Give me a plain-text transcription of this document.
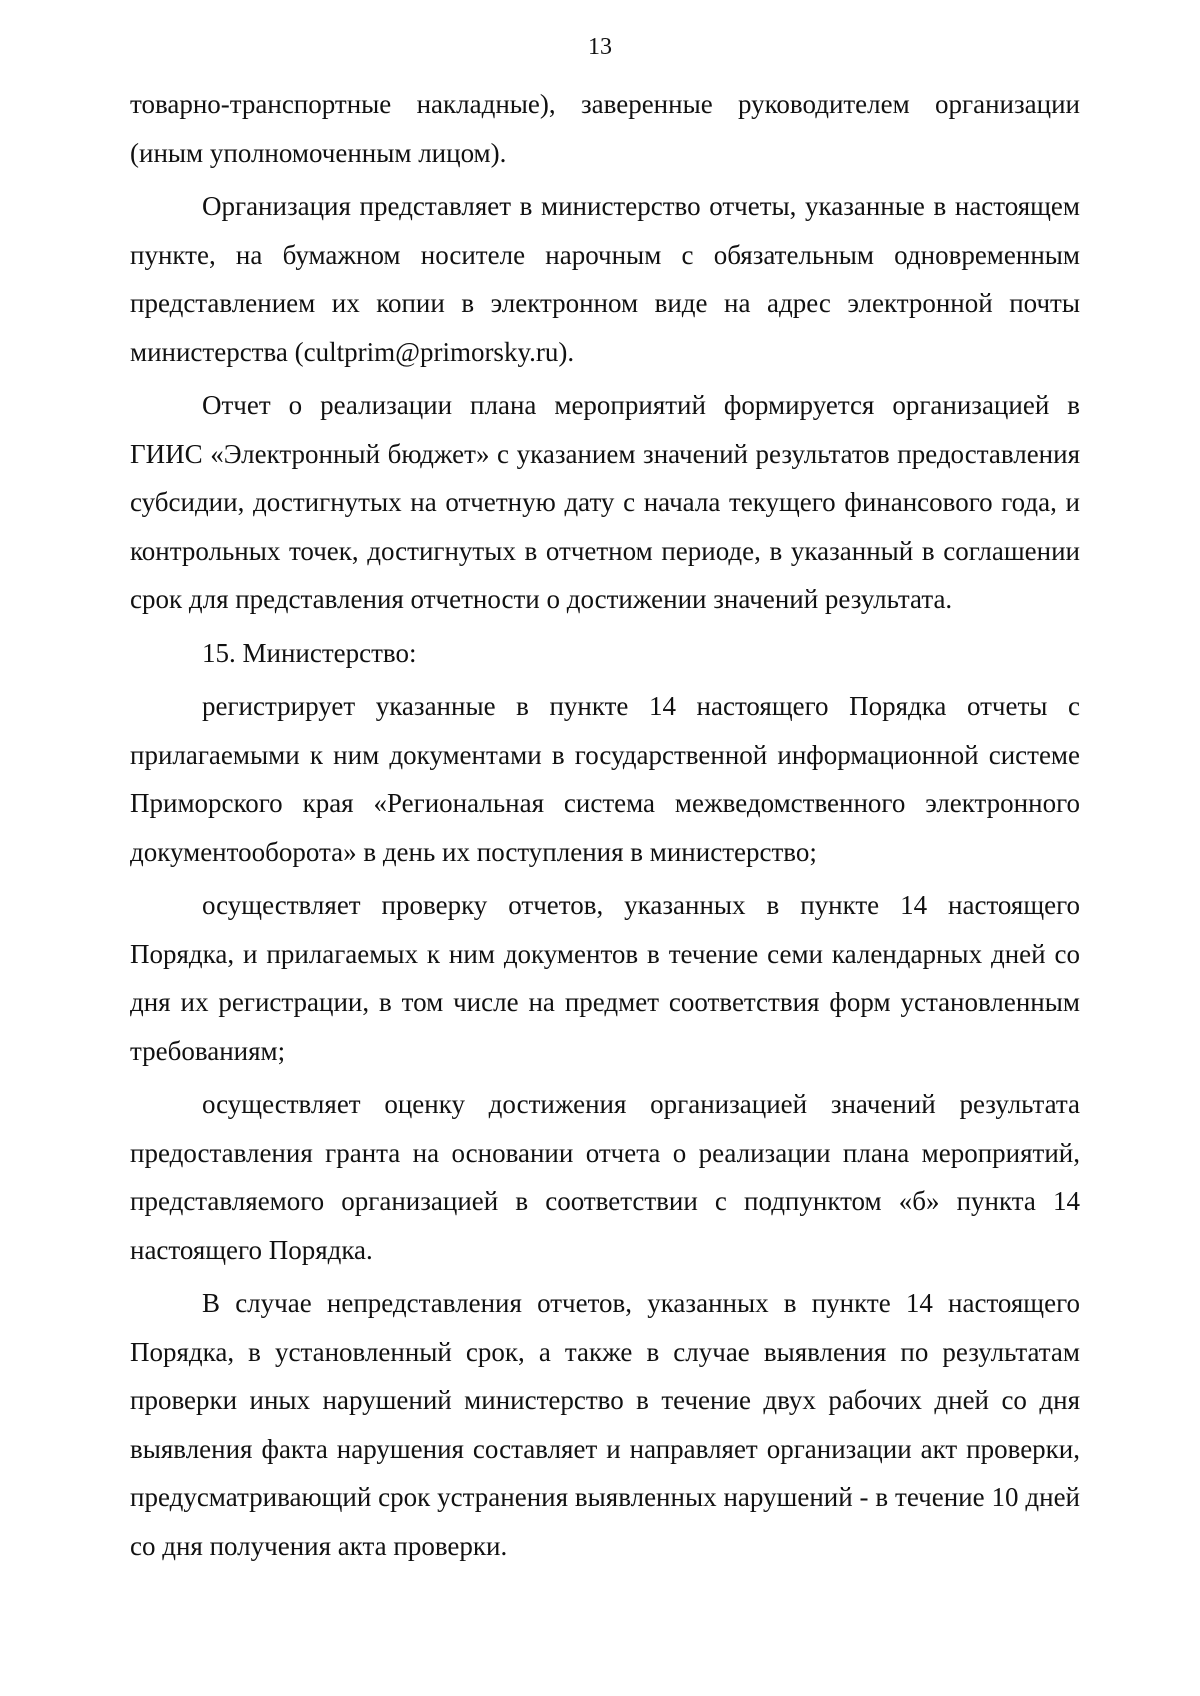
13

товарно-транспортные накладные), заверенные руководителем организации (иным уполномоченным лицом).

Организация представляет в министерство отчеты, указанные в настоящем пункте, на бумажном носителе нарочным с обязательным одновременным представлением их копии в электронном виде на адрес электронной почты министерства (cultprim@primorsky.ru).

Отчет о реализации плана мероприятий формируется организацией в ГИИС «Электронный бюджет» с указанием значений результатов предоставления субсидии, достигнутых на отчетную дату с начала текущего финансового года, и контрольных точек, достигнутых в отчетном периоде, в указанный в соглашении срок для представления отчетности о достижении значений результата.

15. Министерство:

регистрирует указанные в пункте 14 настоящего Порядка отчеты с прилагаемыми к ним документами в государственной информационной системе Приморского края «Региональная система межведомственного электронного документооборота» в день их поступления в министерство;

осуществляет проверку отчетов, указанных в пункте 14 настоящего Порядка, и прилагаемых к ним документов в течение семи календарных дней со дня их регистрации, в том числе на предмет соответствия форм установленным требованиям;

осуществляет оценку достижения организацией значений результата предоставления гранта на основании отчета о реализации плана мероприятий, представляемого организацией в соответствии с подпунктом «б» пункта 14 настоящего Порядка.

В случае непредставления отчетов, указанных в пункте 14 настоящего Порядка, в установленный срок, а также в случае выявления по результатам проверки иных нарушений министерство в течение двух рабочих дней со дня выявления факта нарушения составляет и направляет организации акт проверки, предусматривающий срок устранения выявленных нарушений - в течение 10 дней со дня получения акта проверки.
